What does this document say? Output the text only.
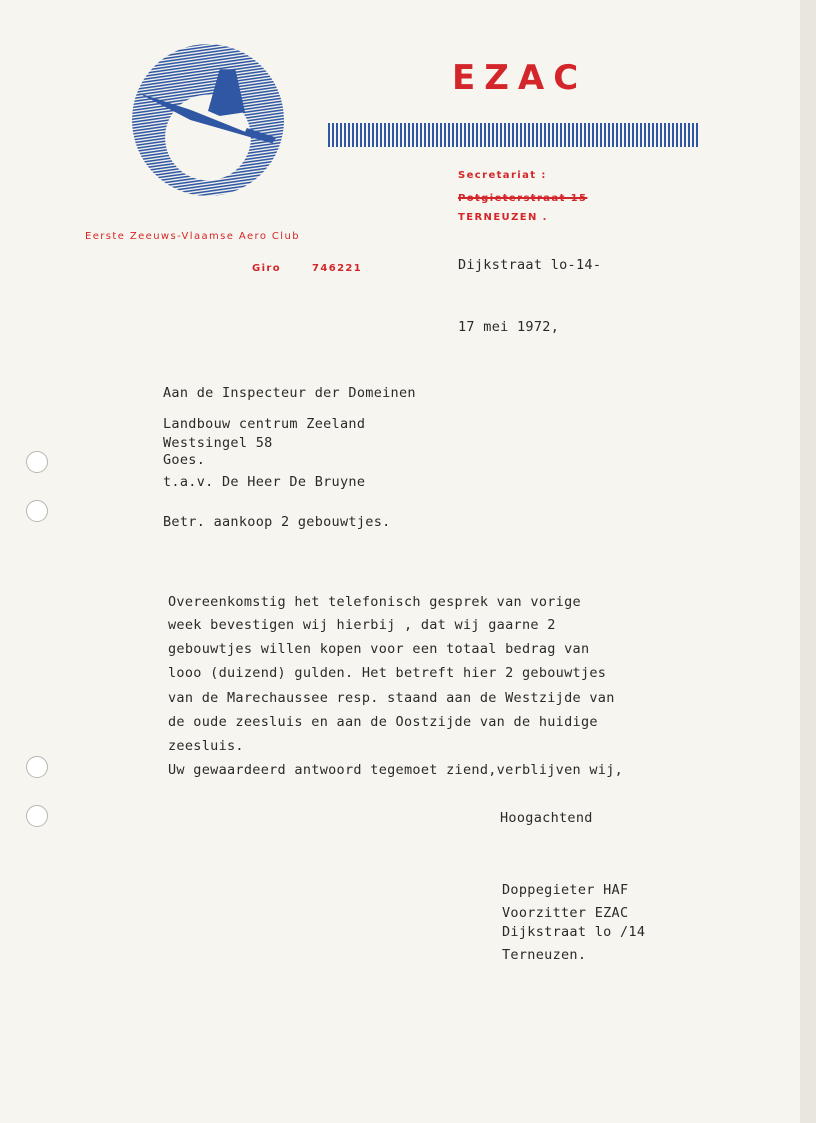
EZAC
Secretariat :
Potgieterstraat 15
TERNEUZEN .
Eerste Zeeuws-Vlaamse Aero Club
Giro	746221	Dijkstraat lo-14-
17 mei 1972,
Aan de Inspecteur der Domeinen
Landbouw centrum Zeeland
Westsingel 58
Goes.
t.a.v. De Heer De Bruyne
Betr. aankoop 2 gebouwtjes.
Overeenkomstig het telefonisch gesprek van vorige
week bevestigen wij hierbij , dat wij gaarne 2
gebouwtjes willen kopen voor een totaal bedrag van
looo (duizend) gulden. Het betreft hier 2 gebouwtjes
van de Marechaussee resp. staand aan de Westzijde van
de oude zeesluis en aan de Oostzijde van de huidige
zeesluis.
Uw gewaardeerd antwoord tegemoet ziend,verblijven wij,
Hoogachtend
Doppegieter HAF
Voorzitter EZAC
Dijkstraat lo /14
Terneuzen.
